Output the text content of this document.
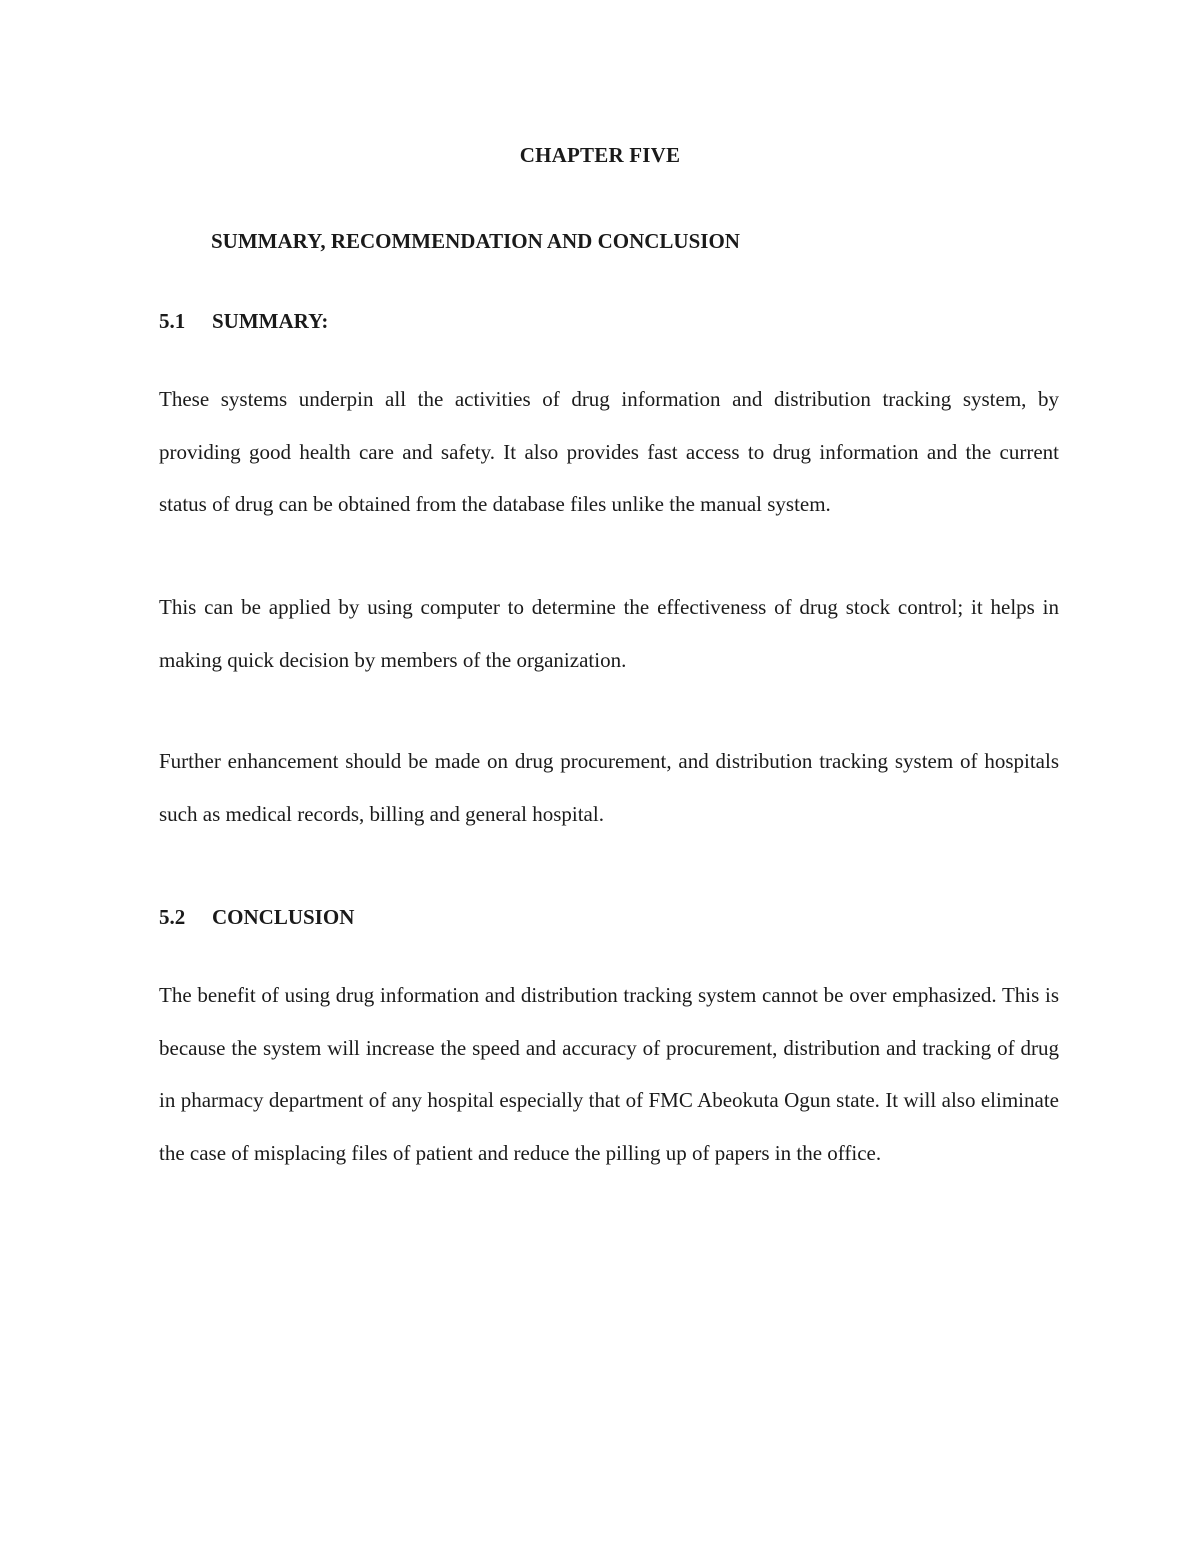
CHAPTER FIVE
SUMMARY, RECOMMENDATION AND CONCLUSION
5.1 SUMMARY:
These systems underpin all the activities of drug information and distribution tracking system, by providing good health care and safety. It also provides fast access to drug information and the current status of drug can be obtained from the database files unlike the manual system.
This can be applied by using computer to determine the effectiveness of drug stock control; it helps in making quick decision by members of the organization.
Further enhancement should be made on drug procurement, and distribution tracking system of hospitals such as medical records, billing and general hospital.
5.2 CONCLUSION
The benefit of using drug information and distribution tracking system cannot be over emphasized. This is because the system will increase the speed and accuracy of procurement, distribution and tracking of drug in pharmacy department of any hospital especially that of FMC Abeokuta Ogun state. It will also eliminate the case of misplacing files of patient and reduce the pilling up of papers in the office.
